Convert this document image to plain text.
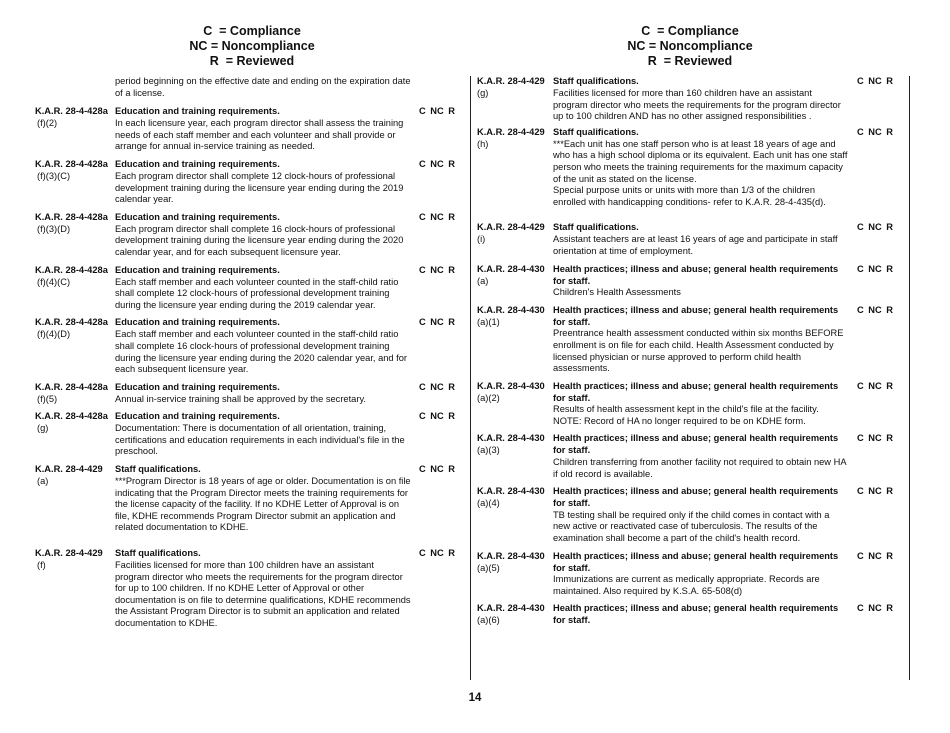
C  = Compliance
NC = Noncompliance
R  = Reviewed
C  = Compliance
NC = Noncompliance
R  = Reviewed
period beginning on the effective date and ending on the expiration date of a license.
K.A.R. 28-4-428a Education and training requirements.	C NC R
(f)(2)	In each licensure year, each program director shall assess the training needs of each staff member and each volunteer and shall provide or arrange for annual in-service training as needed.
K.A.R. 28-4-428a Education and training requirements.	C NC R
(f)(3)(C)	Each program director shall complete 12 clock-hours of professional development training during the licensure year ending during the 2019 calendar year.
K.A.R. 28-4-428a Education and training requirements.	C NC R
(f)(3)(D)	Each program director shall complete 16 clock-hours of professional development training during the licensure year ending during the 2020 calendar year, and for each subsequent licensure year.
K.A.R. 28-4-428a Education and training requirements.	C NC R
(f)(4)(C)	Each staff member and each volunteer counted in the staff-child ratio shall complete 12 clock-hours of professional development training during the licensure year ending during the 2019 calendar year.
K.A.R. 28-4-428a Education and training requirements.	C NC R
(f)(4)(D)	Each staff member and each volunteer counted in the staff-child ratio shall complete 16 clock-hours of professional development training during the licensure year ending during the 2020 calendar year, and for each subsequent licensure year.
K.A.R. 28-4-428a Education and training requirements.	C NC R
(f)(5)	Annual in-service training shall be approved by the secretary.
K.A.R. 28-4-428a Education and training requirements.	C NC R
(g)	Documentation: There is documentation of all orientation, training, certifications and education requirements in each individual's file in the preschool.
K.A.R. 28-4-429 Staff qualifications.	C NC R
(a)	***Program Director is 18 years of age or older. Documentation is on file indicating that the Program Director meets the training requirements for the license capacity of the facility. If no KDHE Letter of Approval is on file, KDHE recommends Program Director submit an application and related documentation to KDHE.
K.A.R. 28-4-429 Staff qualifications.	C NC R
(f)	Facilities licensed for more than 100 children have an assistant program director who meets the requirements for the program director for up to 100 children. If no KDHE Letter of Approval or other documentation is on file to determine qualifications, KDHE recommends the Assistant Program Director is to submit an application and related documentation to KDHE.
K.A.R. 28-4-429 Staff qualifications.	C NC R
(g)	Facilities licensed for more than 160 children have an assistant program director who meets the requirements for the program director up to 100 children AND has no other assigned responsibilities .
K.A.R. 28-4-429 Staff qualifications.	C NC R
(h)	***Each unit has one staff person who is at least 18 years of age and who has a high school diploma or its equivalent. Each unit has one staff person who meets the training requirements for the maximum capacity of the unit as stated on the license.
Special purpose units or units with more than 1/3 of the children enrolled with handicapping conditions- refer to K.A.R. 28-4-435(d).
K.A.R. 28-4-429 Staff qualifications.	C NC R
(i)	Assistant teachers are at least 16 years of age and participate in staff orientation at time of employment.
K.A.R. 28-4-430 Health practices; illness and abuse; general health requirements	C NC R
(a)	for staff.
Children's Health Assessments
K.A.R. 28-4-430 Health practices; illness and abuse; general health requirements	C NC R
(a)(1)	for staff.
Preentrance health assessment conducted within six months BEFORE enrollment is on file for each child. Health Assessment conducted by licensed physician or nurse approved to perform child health assessments.
K.A.R. 28-4-430 Health practices; illness and abuse; general health requirements	C NC R
(a)(2)	for staff.
Results of health assessment kept in the child's file at the facility.
NOTE: Record of HA no longer required to be on KDHE form.
K.A.R. 28-4-430 Health practices; illness and abuse; general health requirements	C NC R
(a)(3)	for staff.
Children transferring from another facility not required to obtain new HA if old record is available.
K.A.R. 28-4-430 Health practices; illness and abuse; general health requirements	C NC R
(a)(4)	for staff.
TB testing shall be required only if the child comes in contact with a new active or reactivated case of tuberculosis. The results of the examination shall become a part of the child's health record.
K.A.R. 28-4-430 Health practices; illness and abuse; general health requirements	C NC R
(a)(5)	for staff.
Immunizations are current as medically appropriate. Records are maintained. Also required by K.S.A. 65-508(d)
K.A.R. 28-4-430 Health practices; illness and abuse; general health requirements	C NC R
(a)(6)	for staff.
14
